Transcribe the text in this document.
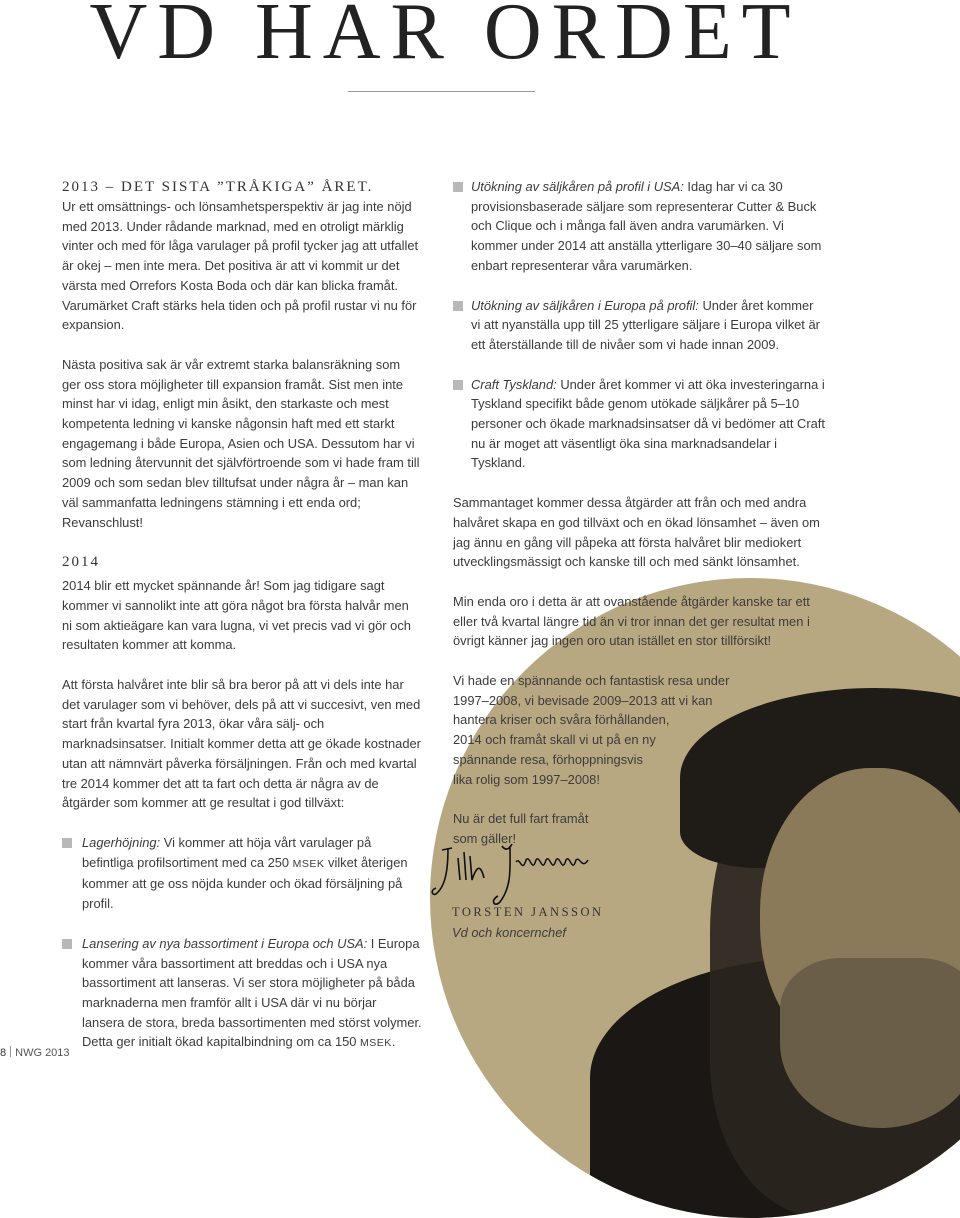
VD HAR ORDET
2013 – DET SISTA ”TRÅKIGA” ÅRET.

Ur ett omsättnings- och lönsamhetsperspektiv är jag inte nöjd med 2013. Under rådande marknad, med en otroligt märklig vinter och med för låga varulager på profil tycker jag att utfallet är okej – men inte mera. Det positiva är att vi kommit ur det värsta med Orrefors Kosta Boda och där kan blicka framåt. Varumärket Craft stärks hela tiden och på profil rustar vi nu för expansion.

Nästa positiva sak är vår extremt starka balansräkning som ger oss stora möjligheter till expansion framåt. Sist men inte minst har vi idag, enligt min åsikt, den starkaste och mest kompetenta ledning vi kanske någonsin haft med ett starkt engagemang i både Europa, Asien och USA. Dessutom har vi som ledning återvunnit det självförtroende som vi hade fram till 2009 och som sedan blev tilltufsat under några år – man kan väl sammanfatta ledningens stämning i ett enda ord; Revanschlust!

2014

2014 blir ett mycket spännande år! Som jag tidigare sagt kommer vi sannolikt inte att göra något bra första halvår men ni som aktieägare kan vara lugna, vi vet precis vad vi gör och resultaten kommer att komma.

Att första halvåret inte blir så bra beror på att vi dels inte har det varulager som vi behöver, dels på att vi succesivt, ven med start från kvartal fyra 2013, ökar våra sälj- och marknadsinsatser. Initialt kommer detta att ge ökade kostnader utan att nämnvärt påverka försäljningen. Från och med kvartal tre 2014 kommer det att ta fart och detta är några av de åtgärder som kommer att ge resultat i god tillväxt:

Lagerhöjning: Vi kommer att höja vårt varulager på befintliga profilsortiment med ca 250 MSEK vilket återigen kommer att ge oss nöjda kunder och ökad försäljning på profil.
Lansering av nya bassortiment i Europa och USA: I Europa kommer våra bassortiment att breddas och i USA nya bassortiment att lanseras. Vi ser stora möjligheter på båda marknaderna men framför allt i USA där vi nu börjar lansera de stora, breda bassortimenten med störst volymer. Detta ger initialt ökad kapitalbindning om ca 150 MSEK.
Utökning av säljkåren på profil i USA: Idag har vi ca 30 provisionsbaserade säljare som representerar Cutter & Buck och Clique och i många fall även andra varumärken. Vi kommer under 2014 att anställa ytterligare 30–40 säljare som enbart representerar våra varumärken.
Utökning av säljkåren i Europa på profil: Under året kommer vi att nyanställa upp till 25 ytterligare säljare i Europa vilket är ett återställande till de nivåer som vi hade innan 2009.
Craft Tyskland: Under året kommer vi att öka investeringarna i Tyskland specifikt både genom utökade säljkårer på 5–10 personer och ökade marknadsinsatser då vi bedömer att Craft nu är moget att väsentligt öka sina marknadsandelar i Tyskland.

Sammantaget kommer dessa åtgärder att från och med andra halvåret skapa en god tillväxt och en ökad lönsamhet – även om jag ännu en gång vill påpeka att första halvåret blir mediokert utvecklingsmässigt och kanske till och med sänkt lönsamhet.

Min enda oro i detta är att ovanstående åtgärder kanske tar ett eller två kvartal längre tid än vi tror innan det ger resultat men i övrigt känner jag ingen oro utan istället en stor tillförsikt!

Vi hade en spännande och fantastisk resa under
1997–2008, vi bevisade 2009–2013 att vi kan
hantera kriser och svåra förhållanden,
2014 och framåt skall vi ut på en ny
spännande resa, förhoppningsvis
lika rolig som 1997–2008!

Nu är det full fart framåt
som gäller!

TORSTEN JANSSON
Vd och koncernchef
8 NWG 2013
